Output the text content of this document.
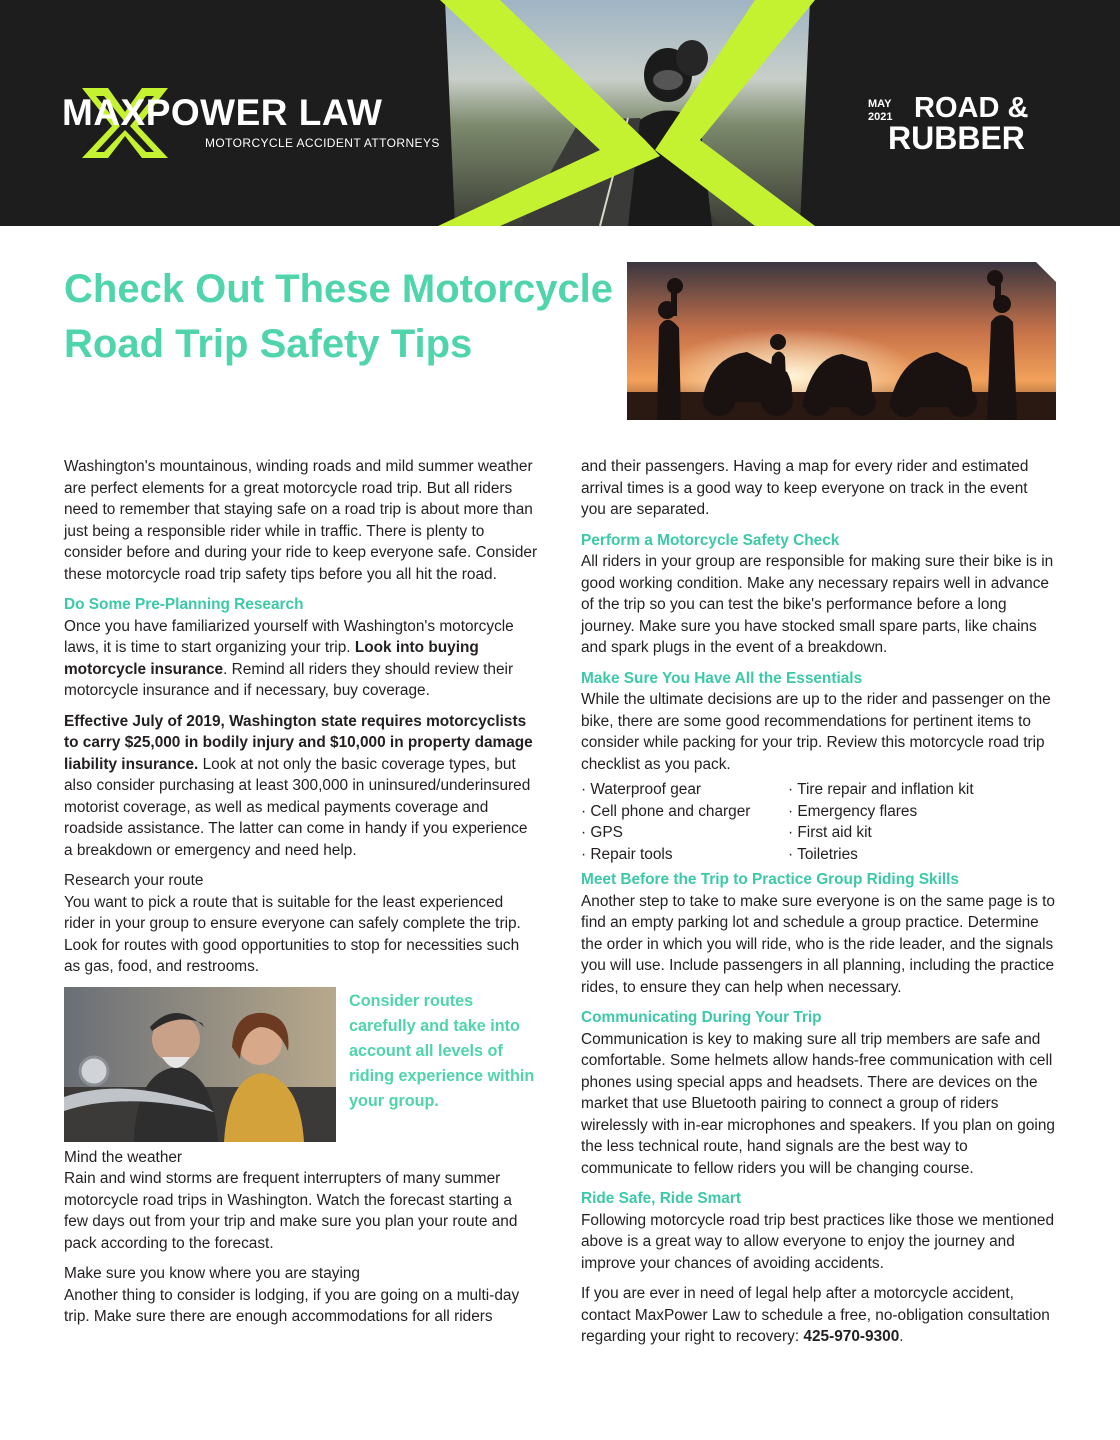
MAXPOWER LAW
MOTORCYCLE ACCIDENT ATTORNEYS
MAY
2021 ROAD &
RUBBER
Check Out These Motorcycle Road Trip Safety Tips

Washington's mountainous, winding roads and mild summer weather are perfect elements for a great motorcycle road trip. But all riders need to remember that staying safe on a road trip is about more than just being a responsible rider while in traffic. There is plenty to consider before and during your ride to keep everyone safe. Consider these motorcycle road trip safety tips before you all hit the road.

Do Some Pre-Planning Research

Once you have familiarized yourself with Washington's motorcycle laws, it is time to start organizing your trip. Look into buying motorcycle insurance. Remind all riders they should review their motorcycle insurance and if necessary, buy coverage.

Effective July of 2019, Washington state requires motorcyclists to carry $25,000 in bodily injury and $10,000 in property damage liability insurance. Look at not only the basic coverage types, but also consider purchasing at least 300,000 in uninsured/underinsured motorist coverage, as well as medical payments coverage and roadside assistance. The latter can come in handy if you experience a breakdown or emergency and need help.

Research your route

You want to pick a route that is suitable for the least experienced rider in your group to ensure everyone can safely complete the trip. Look for routes with good opportunities to stop for necessities such as gas, food, and restrooms.

Consider routes carefully and take into account all levels of riding experience within your group.
Mind the weather

Rain and wind storms are frequent interrupters of many summer motorcycle road trips in Washington. Watch the forecast starting a few days out from your trip and make sure you plan your route and pack according to the forecast.

Make sure you know where you are staying

Another thing to consider is lodging, if you are going on a multi-day trip. Make sure there are enough accommodations for all riders

and their passengers. Having a map for every rider and estimated arrival times is a good way to keep everyone on track in the event you are separated.

Perform a Motorcycle Safety Check

All riders in your group are responsible for making sure their bike is in good working condition. Make any necessary repairs well in advance of the trip so you can test the bike's performance before a long journey. Make sure you have stocked small spare parts, like chains and spark plugs in the event of a breakdown.

Make Sure You Have All the Essentials

While the ultimate decisions are up to the rider and passenger on the bike, there are some good recommendations for pertinent items to consider while packing for your trip. Review this motorcycle road trip checklist as you pack.

· Waterproof gear
· Cell phone and charger
· GPS
· Repair tools
· Tire repair and inflation kit
· Emergency flares
· First aid kit
· Toiletries
Meet Before the Trip to Practice Group Riding Skills

Another step to take to make sure everyone is on the same page is to find an empty parking lot and schedule a group practice. Determine the order in which you will ride, who is the ride leader, and the signals you will use. Include passengers in all planning, including the practice rides, to ensure they can help when necessary.

Communicating During Your Trip

Communication is key to making sure all trip members are safe and comfortable. Some helmets allow hands-free communication with cell phones using special apps and headsets. There are devices on the market that use Bluetooth pairing to connect a group of riders wirelessly with in-ear microphones and speakers. If you plan on going the less technical route, hand signals are the best way to communicate to fellow riders you will be changing course.

Ride Safe, Ride Smart

Following motorcycle road trip best practices like those we mentioned above is a great way to allow everyone to enjoy the journey and improve your chances of avoiding accidents.

If you are ever in need of legal help after a motorcycle accident, contact MaxPower Law to schedule a free, no-obligation consultation regarding your right to recovery: 425-970-9300.
